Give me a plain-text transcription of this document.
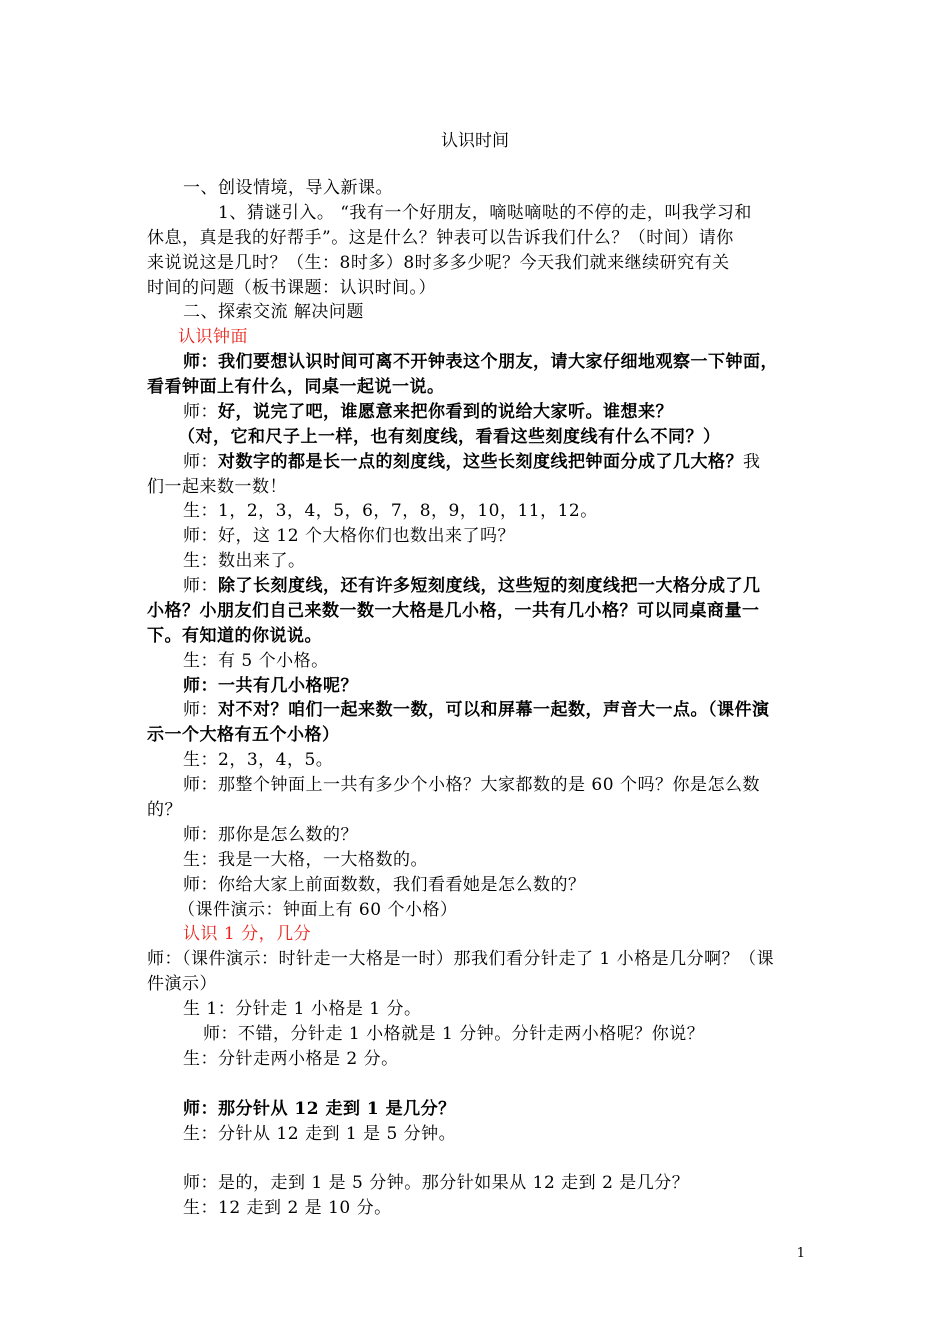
认识时间
一、创设情境，导入新课。
1、猜谜引入。 “我有一个好朋友，嘀哒嘀哒的不停的走，叫我学习和
休息，真是我的好帮手”。这是什么？钟表可以告诉我们什么？（时间）请你
来说说这是几时？（生：8时多）8时多多少呢？今天我们就来继续研究有关
时间的问题（板书课题：认识时间。）
二、探索交流 解决问题
认识钟面
师：我们要想认识时间可离不开钟表这个朋友，请大家仔细地观察一下钟面，
看看钟面上有什么，同桌一起说一说。
师：好，说完了吧，谁愿意来把你看到的说给大家听。谁想来？
（对，它和尺子上一样，也有刻度线，看看这些刻度线有什么不同？）
师：对数字的都是长一点的刻度线，这些长刻度线把钟面分成了几大格？我
们一起来数一数！
生：1，2，3，4，5，6，7，8，9，10，11，12。
师：好，这 12 个大格你们也数出来了吗？
生：数出来了。
师：除了长刻度线，还有许多短刻度线，这些短的刻度线把一大格分成了几
小格？小朋友们自己来数一数一大格是几小格，一共有几小格？可以同桌商量一
下。有知道的你说说。
生：有 5 个小格。
师：一共有几小格呢？
师：对不对？咱们一起来数一数，可以和屏幕一起数，声音大一点。（课件演
示一个大格有五个小格）
生：2，3，4，5。
师：那整个钟面上一共有多少个小格？大家都数的是 60 个吗？你是怎么数
的？
师：那你是怎么数的？
生：我是一大格，一大格数的。
师：你给大家上前面数数，我们看看她是怎么数的？
（课件演示：钟面上有 60 个小格）
认识 1 分，几分
师：（课件演示：时针走一大格是一时）那我们看分针走了 1 小格是几分啊？（课
件演示）
生 1：分针走 1 小格是 1 分。
师：不错，分针走 1 小格就是 1 分钟。分针走两小格呢？你说？
生：分针走两小格是 2 分。
师：那分针从 12 走到 1 是几分？
生：分针从 12 走到 1 是 5 分钟。
师：是的，走到 1 是 5 分钟。那分针如果从 12 走到 2 是几分？
生：12 走到 2 是 10 分。
1
